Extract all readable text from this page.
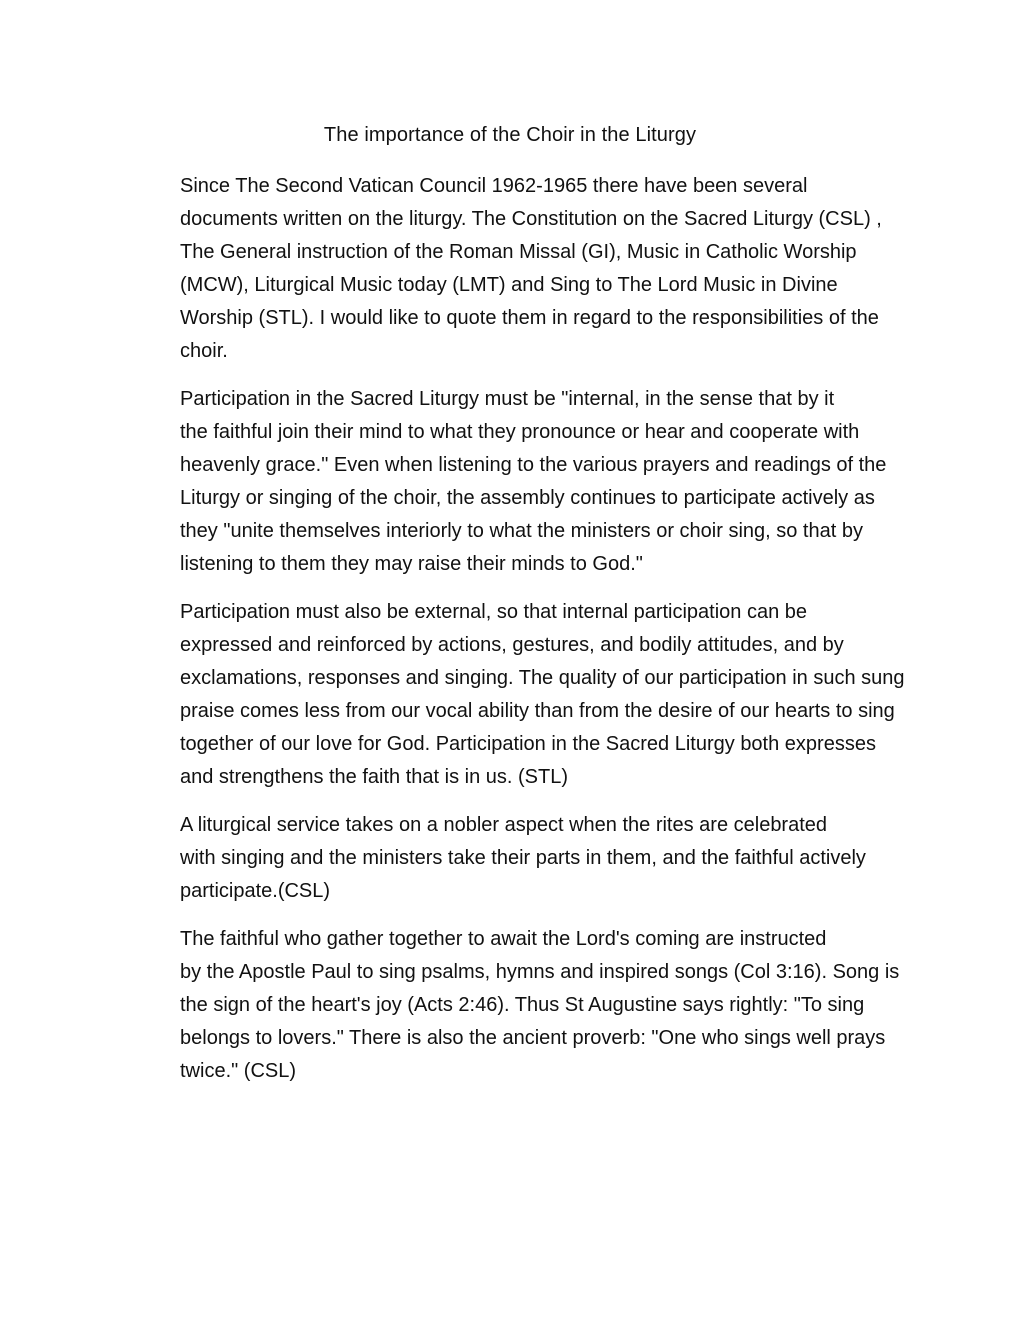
The importance of the Choir in the Liturgy

Since The Second Vatican Council 1962-1965 there have been several
documents written on the liturgy. The Constitution on the Sacred Liturgy (CSL) ,
The General instruction of the Roman Missal (GI), Music in Catholic Worship
(MCW), Liturgical Music today (LMT) and Sing to The Lord Music in Divine
Worship (STL). I would like to quote them in regard to the responsibilities of the
choir.

Participation in the Sacred Liturgy must be "internal, in the sense that by it
the faithful join their mind to what they pronounce or hear and cooperate with
heavenly grace." Even when listening to the various prayers and readings of the
Liturgy or singing of the choir, the assembly continues to participate actively as
they "unite themselves interiorly to what the ministers or choir sing, so that by
listening to them they may raise their minds to God."

Participation must also be external, so that internal participation can be
expressed and reinforced by actions, gestures, and bodily attitudes, and by
exclamations, responses and singing. The quality of our participation in such sung
praise comes less from our vocal ability than from the desire of our hearts to sing
together of our love for God. Participation in the Sacred Liturgy both expresses
and strengthens the faith that is in us. (STL)

A liturgical service takes on a nobler aspect when the rites are celebrated
with singing and the ministers take their parts in them, and the faithful actively
participate.(CSL)

The faithful who gather together to await the Lord's coming are instructed
by the Apostle Paul to sing psalms, hymns and inspired songs (Col 3:16). Song is
the sign of the heart's joy (Acts 2:46). Thus St Augustine says rightly: "To sing
belongs to lovers." There is also the ancient proverb: "One who sings well prays
twice." (CSL)
